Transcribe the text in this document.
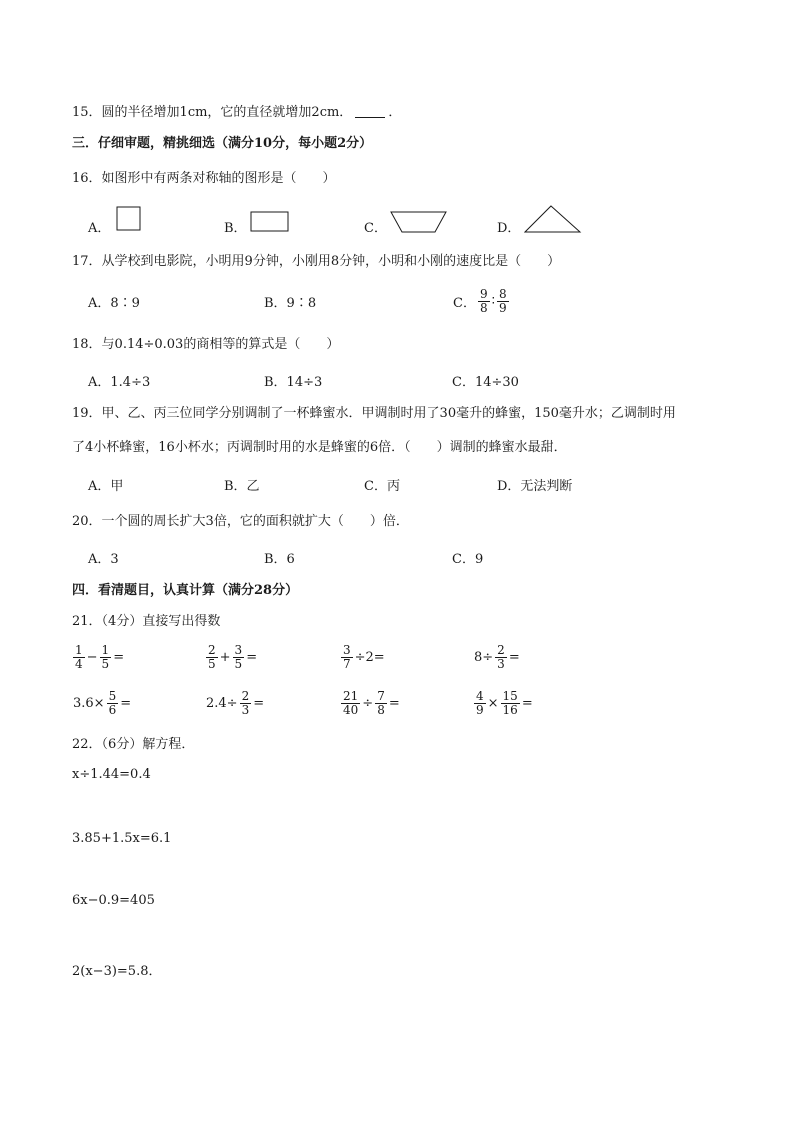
15．圆的半径增加1cm，它的直径就增加2cm．	．
三．仔细审题，精挑细选（满分10分，每小题2分）
16．如图形中有两条对称轴的图形是（　　）
A．	B．	C．	D．
17．从学校到电影院，小明用9分钟，小刚用8分钟，小明和小刚的速度比是（　　）
A．8∶9	B．9∶8	C． $\frac{9}{8}$ ∶ $\frac{8}{9}$
18．与0.14÷0.03的商相等的算式是（　　）
A．1.4÷3	B．14÷3	C．14÷30
19．甲、乙、丙三位同学分别调制了一杯蜂蜜水．甲调制时用了30毫升的蜂蜜，150毫升水；乙调制时用
了4小杯蜂蜜，16小杯水；丙调制时用的水是蜂蜜的6倍．（　　）调制的蜂蜜水最甜．
A．甲	B．乙	C．丙	D．无法判断
20．一个圆的周长扩大3倍，它的面积就扩大（　　）倍．
A．3	B．6	C．9
四．看清题目，认真计算（满分28分）
21．（4分）直接写出得数
$\frac{1}{4} - \frac{1}{5}$ =	$\frac{2}{5} + \frac{3}{5}$ =	$\frac{3}{7} \div 2=$	$8\div \frac{2}{3}$ =
$3.6\times \frac{5}{6}$ =	$2.4\div \frac{2}{3}$ =	$\frac{21}{40} \div \frac{7}{8}$ =	$\frac{4}{9} \times \frac{15}{16}$ =
22．（6分）解方程．
x÷1.44=0.4
3.85+1.5x=6.1
6x−0.9=405
2(x−3)=5.8．
